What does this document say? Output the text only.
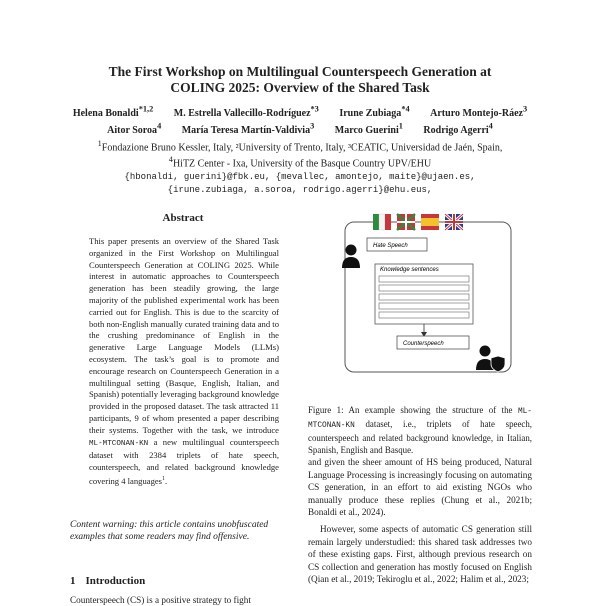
The First Workshop on Multilingual Counterspeech Generation at
COLING 2025: Overview of the Shared Task
Helena Bonaldi$^{*1,2}$ M. Estrella Vallecillo-Rodríguez$^{*3}$ Irune Zubiaga$^{*4}$ Arturo Montejo-Ráez$^3$
Aitor Soroa$^4$ María Teresa Martín-Valdivia$^3$ Marco Guerini$^1$ Rodrigo Agerri$^4$
$^1$Fondazione Bruno Kessler, Italy, ²University of Trento, Italy, ³CEATIC, Universidad de Jaén, Spain,
$^4$HiTZ Center - Ixa, University of the Basque Country UPV/EHU
{hbonaldi, guerini}@fbk.eu, {mevallec, amontejo, maite}@ujaen.es,
{irune.zubiaga, a.soroa, rodrigo.agerri}@ehu.eus,
Abstract
This paper presents an overview of the Shared Task organized in the First Workshop on Multilingual Counterspeech Generation at COLING 2025. While interest in automatic approaches to Counterspeech generation has been steadily growing, the large majority of the published experimental work has been carried out for English. This is due to the scarcity of both non-English manually curated training data and to the crushing predominance of English in the generative Large Language Models (LLMs) ecosystem. The task’s goal is to promote and encourage research on Counterspeech Generation in a multilingual setting (Basque, English, Italian, and Spanish) potentially leveraging background knowledge provided in the proposed dataset. The task attracted 11 participants, 9 of whom presented a paper describing their systems. Together with the task, we introduce ML-MTCONAN-KN a new multilingual counterspeech dataset with 2384 triplets of hate speech, counterspeech, and related background knowledge covering 4 languages$^1$.
Content warning: this article contains unobfuscated examples that some readers may find offensive.
1 Introduction
Counterspeech (CS) is a positive strategy to fight
Hate Speech
Knowledge sentences
Counterspeech
Figure 1: An example showing the structure of the ML-MTCONAN-KN dataset, i.e., triplets of hate speech, counterspeech and related background knowledge, in Italian, Spanish, English and Basque.

and given the sheer amount of HS being produced, Natural Language Processing is increasingly focusing on automating CS generation, in an effort to aid existing NGOs who manually produce these replies (Chung et al., 2021b; Bonaldi et al., 2024).

However, some aspects of automatic CS generation still remain largely understudied: this shared task addresses two of these existing gaps. First, although previous research on CS collection and generation has mostly focused on English (Qian et al., 2019; Tekiroglu et al., 2022; Halim et al., 2023;
